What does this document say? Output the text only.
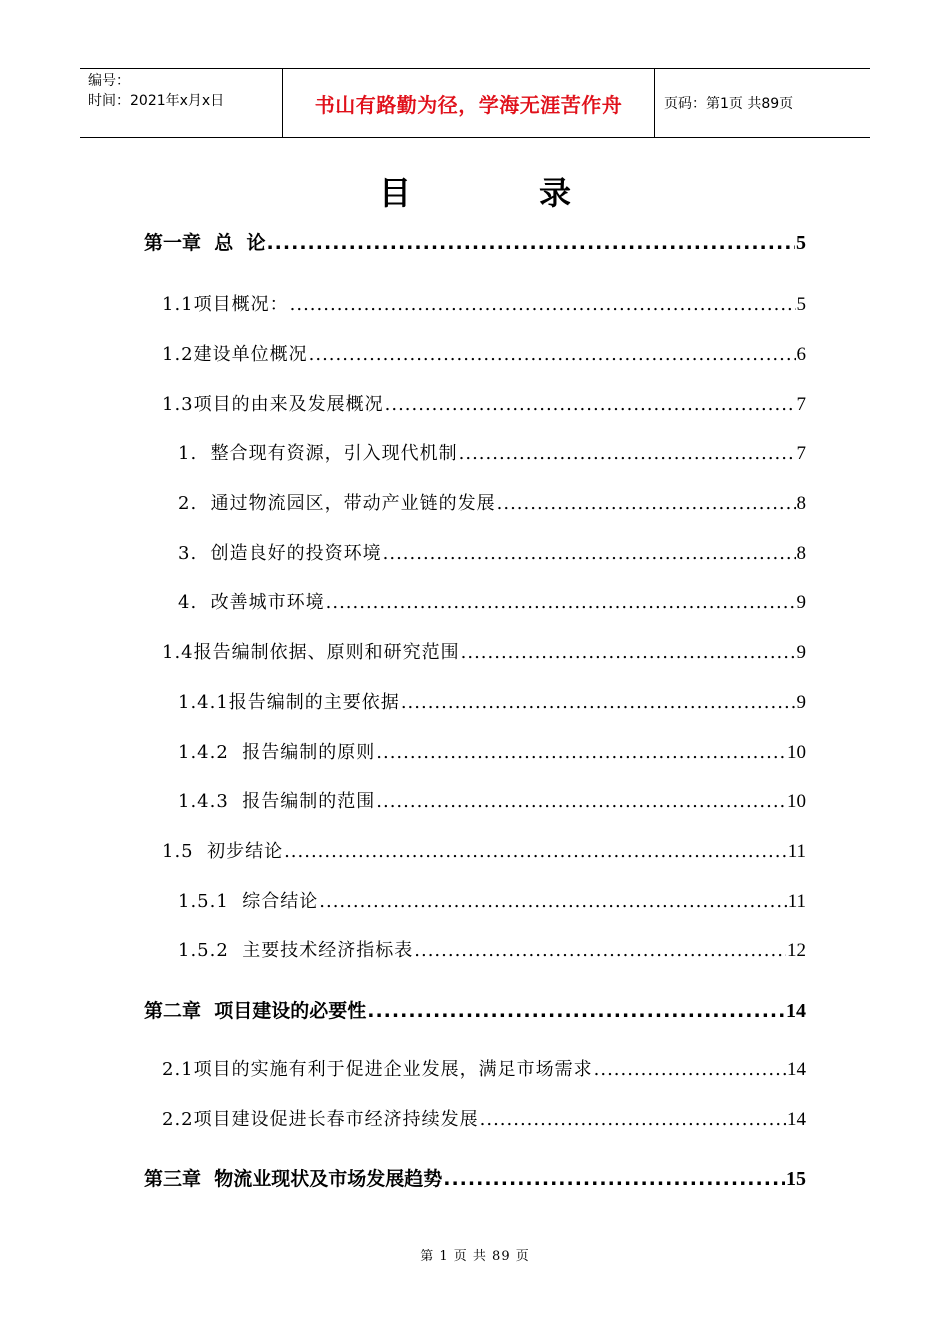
编号：
时间：2021年x月x日	书山有路勤为径，学海无涯苦作舟	页码：第1页 共89页
目	录
第一章  总  论 .....	5
1.1项目概况： .....	5
1.2建设单位概况 .....	6
1.3项目的由来及发展概况 .....	7
1.  整合现有资源，引入现代机制 .....	7
2.  通过物流园区，带动产业链的发展 .....	8
3.  创造良好的投资环境 .....	8
4.  改善城市环境 .....	9
1.4报告编制依据、原则和研究范围 .....	9
1.4.1报告编制的主要依据 .....	9
1.4.2  报告编制的原则 .....	10
1.4.3  报告编制的范围 .....	10
1.5  初步结论 .....	11
1.5.1  综合结论 .....	11
1.5.2  主要技术经济指标表 .....	12
第二章  项目建设的必要性 .....	14
2.1项目的实施有利于促进企业发展，满足市场需求 .....	14
2.2项目建设促进长春市经济持续发展 .....	14
第三章  物流业现状及市场发展趋势 .....	15
第 1 页 共 89 页
